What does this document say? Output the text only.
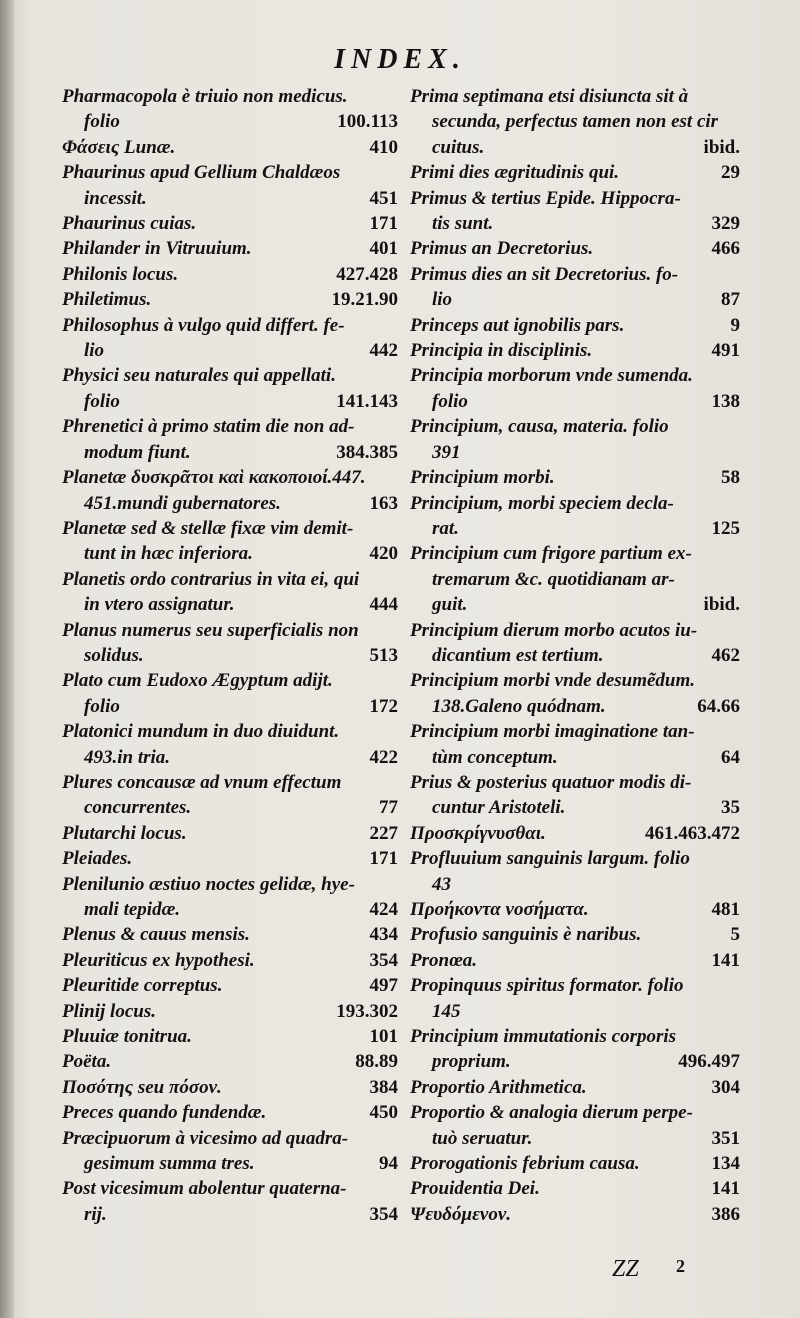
INDEX.
Pharmacopola è triuio non medicus.
folio	100.113
Φάσεις Lunæ.	410
Phaurinus apud Gellium Chaldæos
incessit.	451
Phaurinus cuias.	171
Philander in Vitruuium.	401
Philonis locus.	427.428
Philetimus.	19.21.90
Philosophus à vulgo quid differt. fe-
lio	442
Physici seu naturales qui appellati.
folio	141.143
Phrenetici à primo statim die non ad-
modum fiunt.	384.385
Planetæ δυσκρᾶτοι καὶ κακοποιοί.447.
451.mundi gubernatores.	163
Planetæ sed & stellæ fixæ vim demit-
tunt in hæc inferiora.	420
Planetis ordo contrarius in vita ei, qui
in vtero assignatur.	444
Planus numerus seu superficialis non
solidus.	513
Plato cum Eudoxo Ægyptum adijt.
folio	172
Platonici mundum in duo diuidunt.
493.in tria.	422
Plures concausæ ad vnum effectum
concurrentes.	77
Plutarchi locus.	227
Pleiades.	171
Plenilunio æstiuo noctes gelidæ, hye-
mali tepidæ.	424
Plenus & cauus mensis.	434
Pleuriticus ex hypothesi.	354
Pleuritide correptus.	497
Plinij locus.	193.302
Pluuiæ tonitrua.	101
Poëta.	88.89
Ποσότης seu πόσον.	384
Preces quando fundendæ.	450
Præcipuorum à vicesimo ad quadra-
gesimum summa tres.	94
Post vicesimum abolentur quaterna-
rij.	354
Prima septimana etsi disiuncta sit à
secunda, perfectus tamen non est cir
cuitus.	ibid.
Primi dies ægritudinis qui.	29
Primus & tertius Epide. Hippocra-
tis sunt.	329
Primus an Decretorius.	466
Primus dies an sit Decretorius. fo-
lio	87
Princeps aut ignobilis pars.	9
Principia in disciplinis.	491
Principia morborum vnde sumenda.
folio	138
Principium, causa, materia. folio
391
Principium morbi.	58
Principium, morbi speciem decla-
rat.	125
Principium cum frigore partium ex-
tremarum &c. quotidianam ar-
guit.	ibid.
Principium dierum morbo acutos iu-
dicantium est tertium.	462
Principium morbi vnde desumẽdum.
138.Galeno quódnam.	64.66
Principium morbi imaginatione tan-
tùm conceptum.	64
Prius & posterius quatuor modis di-
cuntur Aristoteli.	35
Προσκρίγνυσθαι.	461.463.472
Profluuium sanguinis largum. folio
43
Προήκοντα νοσήματα.	481
Profusio sanguinis è naribus.	5
Pronœa.	141
Propinquus spiritus formator. folio
145
Principium immutationis corporis
proprium.	496.497
Proportio Arithmetica.	304
Proportio & analogia dierum perpe-
tuò seruatur.	351
Prorogationis febrium causa.	134
Prouidentia Dei.	141
Ψευδόμενον.	386
ZZ 2
